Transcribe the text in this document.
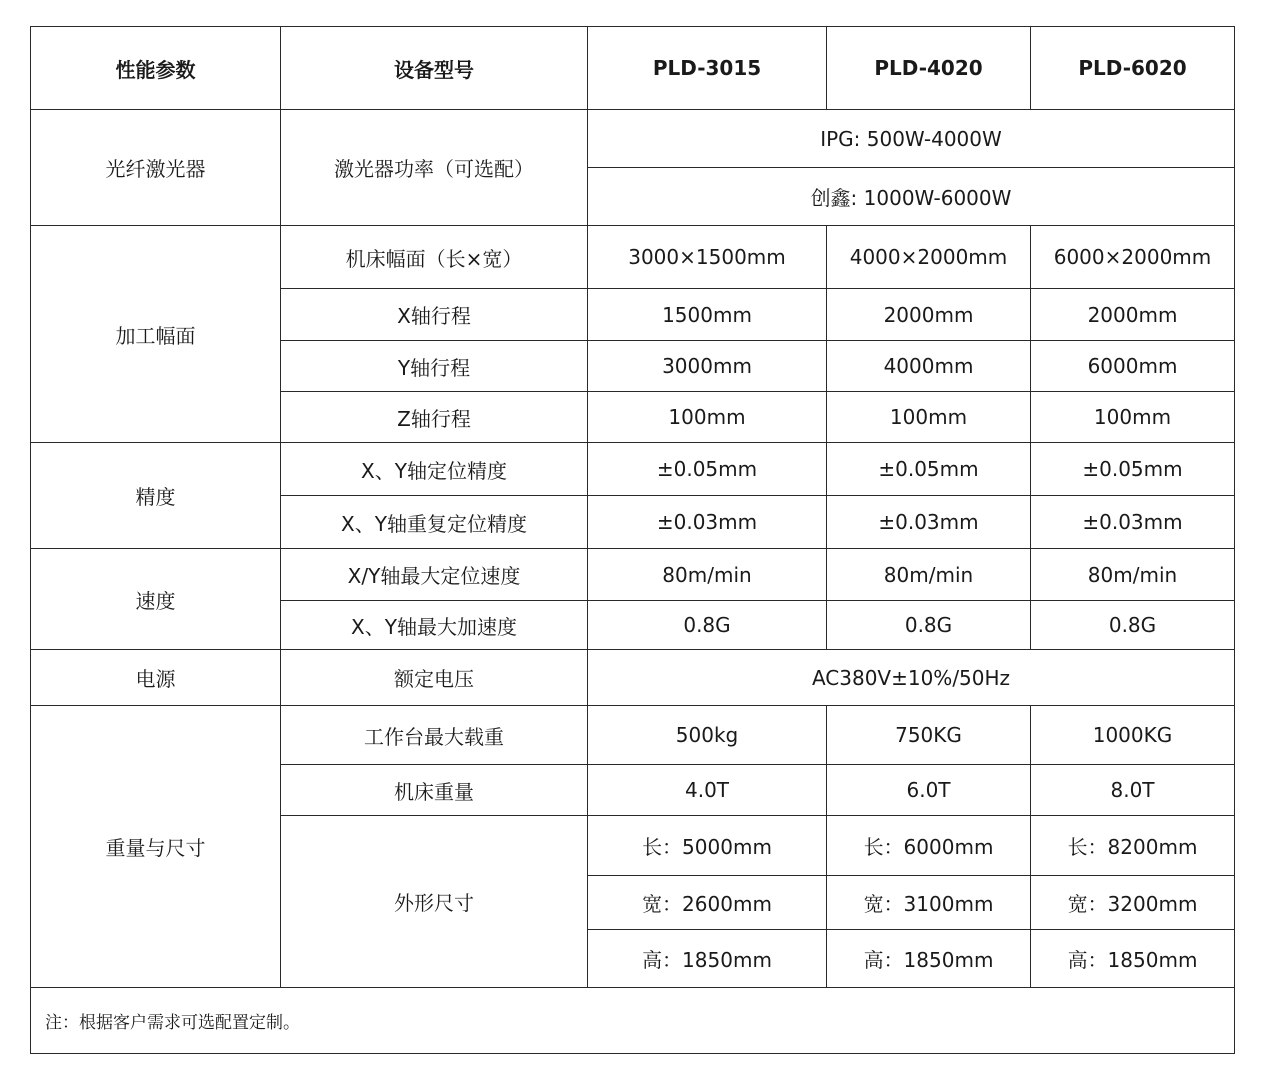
性能参数	设备型号	PLD-3015	PLD-4020	PLD-6020
光纤激光器	激光器功率（可选配）	IPG: 500W-4000W		
		创鑫: 1000W-6000W		
加工幅面	机床幅面（长×宽）	3000×1500mm	4000×2000mm	6000×2000mm
	X轴行程	1500mm	2000mm	2000mm
	Y轴行程	3000mm	4000mm	6000mm
	Z轴行程	100mm	100mm	100mm
精度	X、Y轴定位精度	±0.05mm	±0.05mm	±0.05mm
	X、Y轴重复定位精度	±0.03mm	±0.03mm	±0.03mm
速度	X/Y轴最大定位速度	80m/min	80m/min	80m/min
	X、Y轴最大加速度	0.8G	0.8G	0.8G
电源	额定电压	AC380V±10%/50Hz		
重量与尺寸	工作台最大载重	500kg	750KG	1000KG
	机床重量	4.0T	6.0T	8.0T
	外形尺寸	长：5000mm	长：6000mm	长：8200mm
		宽：2600mm	宽：3100mm	宽：3200mm
		高：1850mm	高：1850mm	高：1850mm
注：根据客户需求可选配置定制。				
